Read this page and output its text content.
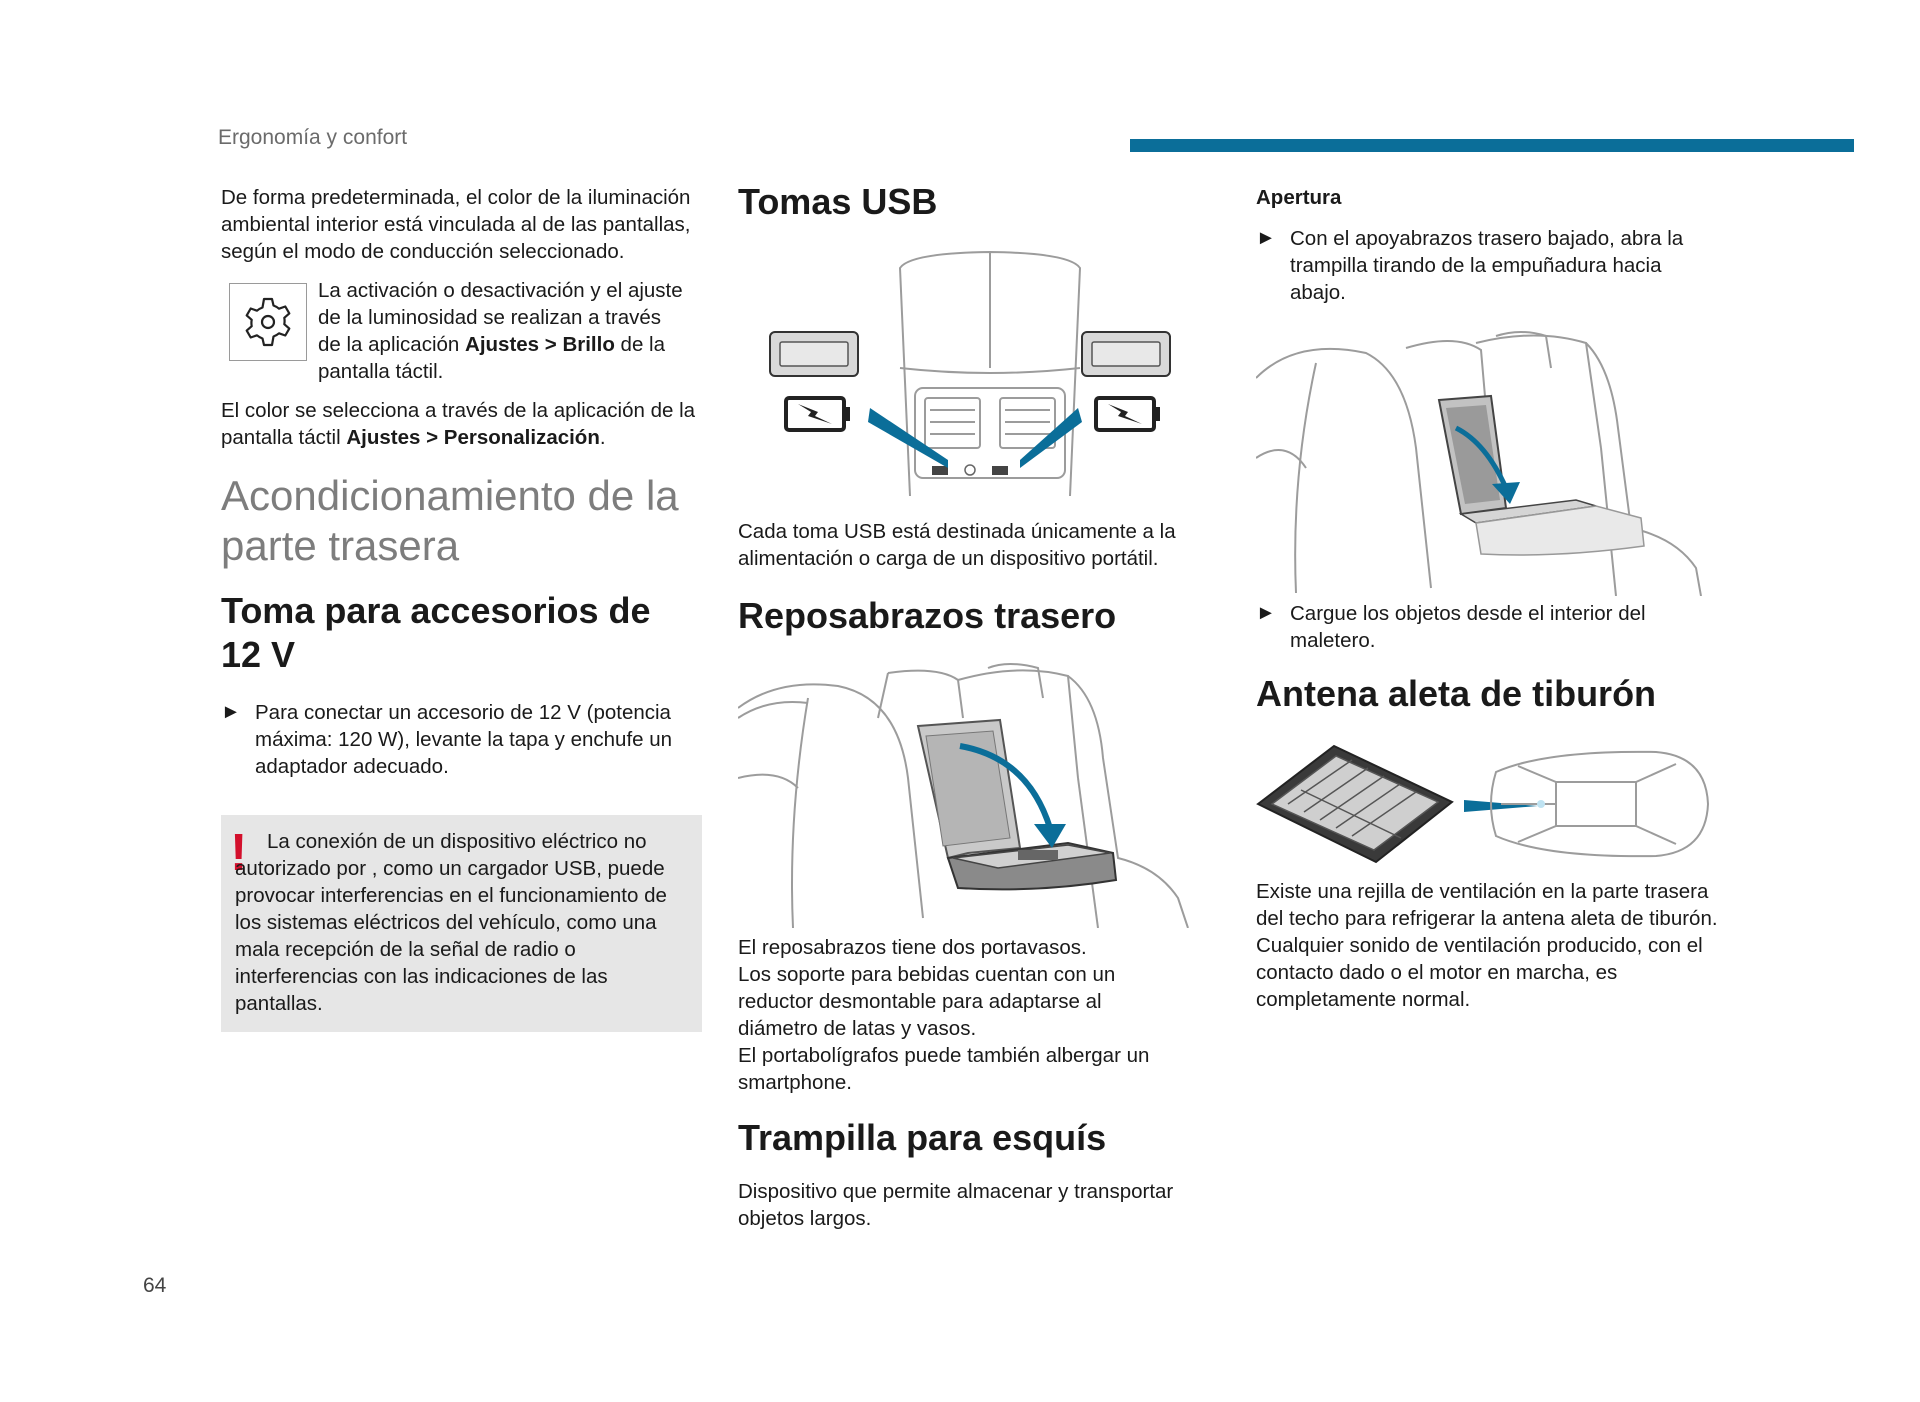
Ergonomía y confort

De forma predeterminada, el color de la iluminación ambiental interior está vinculada al de las pantallas, según el modo de conducción seleccionado.

La activación o desactivación y el ajuste de la luminosidad se realizan a través de la aplicación Ajustes > Brillo de la pantalla táctil.

El color se selecciona a través de la aplicación de la pantalla táctil Ajustes > Personalización.

Acondicionamiento de la parte trasera
Toma para accesorios de 12 V
► Para conectar un accesorio de 12 V (potencia máxima: 120 W), levante la tapa y enchufe un adaptador adecuado.
! La conexión de un dispositivo eléctrico no autorizado por , como un cargador USB, puede provocar interferencias en el funcionamiento de los sistemas eléctricos del vehículo, como una mala recepción de la señal de radio o interferencias con las indicaciones de las pantallas.

Tomas USB

Cada toma USB está destinada únicamente a la alimentación o carga de un dispositivo portátil.

Reposabrazos trasero

El reposabrazos tiene dos portavasos.

Los soporte para bebidas cuentan con un reductor desmontable para adaptarse al diámetro de latas y vasos.

El portabolígrafos puede también albergar un smartphone.

Trampilla para esquís

Dispositivo que permite almacenar y transportar objetos largos.

Apertura

► Con el apoyabrazos trasero bajado, abra la trampilla tirando de la empuñadura hacia abajo.
► Cargue los objetos desde el interior del maletero.
Antena aleta de tiburón

Existe una rejilla de ventilación en la parte trasera del techo para refrigerar la antena aleta de tiburón.

Cualquier sonido de ventilación producido, con el contacto dado o el motor en marcha, es completamente normal.

64
